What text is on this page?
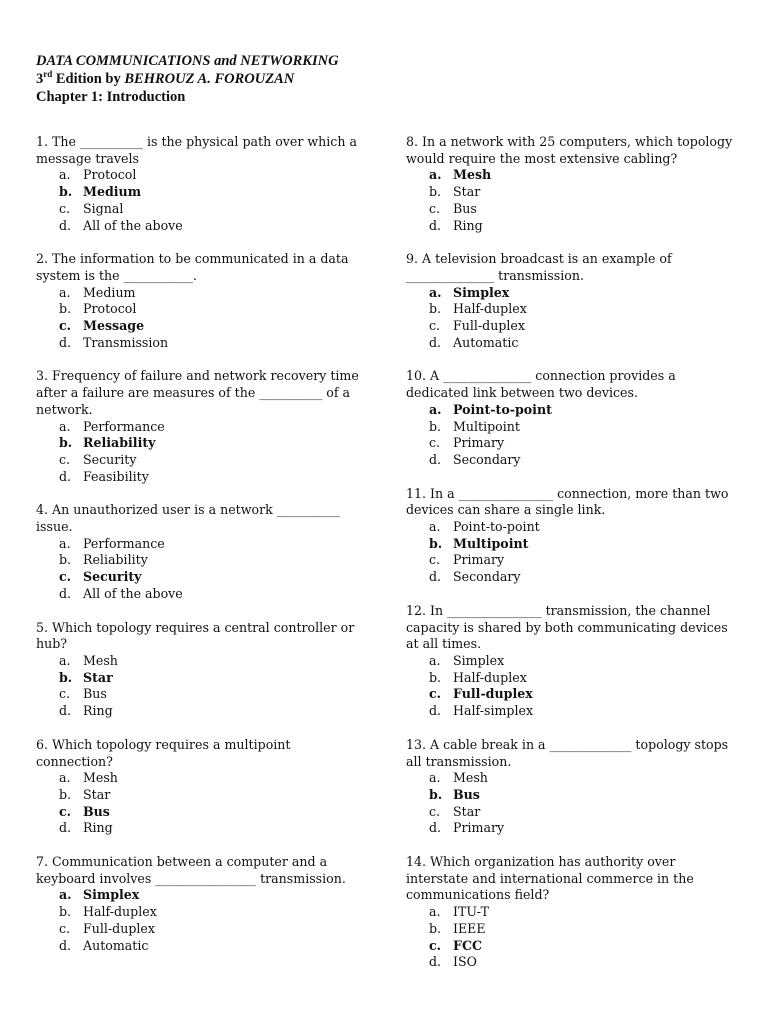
DATA COMMUNICATIONS and NETWORKING
3rd Edition by BEHROUZ A. FOROUZAN
Chapter 1: Introduction
1. The __________ is the physical path over which a message travels
a. Protocol
b. Medium
c. Signal
d. All of the above
2. The information to be communicated in a data system is the ___________.
a. Medium
b. Protocol
c. Message
d. Transmission
3. Frequency of failure and network recovery time after a failure are measures of the __________ of a network.
a. Performance
b. Reliability
c. Security
d. Feasibility
4. An unauthorized user is a network __________ issue.
a. Performance
b. Reliability
c. Security
d. All of the above
5. Which topology requires a central controller or hub?
a. Mesh
b. Star
c. Bus
d. Ring
6. Which topology requires a multipoint connection?
a. Mesh
b. Star
c. Bus
d. Ring
7. Communication between a computer and a keyboard involves ________________ transmission.
a. Simplex
b. Half-duplex
c. Full-duplex
d. Automatic
8. In a network with 25 computers, which topology would require the most extensive cabling?
a. Mesh
b. Star
c. Bus
d. Ring
9. A television broadcast is an example of ______________ transmission.
a. Simplex
b. Half-duplex
c. Full-duplex
d. Automatic
10. A ______________ connection provides a dedicated link between two devices.
a. Point-to-point
b. Multipoint
c. Primary
d. Secondary
11. In a _______________ connection, more than two devices can share a single link.
a. Point-to-point
b. Multipoint
c. Primary
d. Secondary
12. In _______________ transmission, the channel capacity is shared by both communicating devices at all times.
a. Simplex
b. Half-duplex
c. Full-duplex
d. Half-simplex
13. A cable break in a _____________ topology stops all transmission.
a. Mesh
b. Bus
c. Star
d. Primary
14. Which organization has authority over interstate and international commerce in the communications field?
a. ITU-T
b. IEEE
c. FCC
d. ISO
